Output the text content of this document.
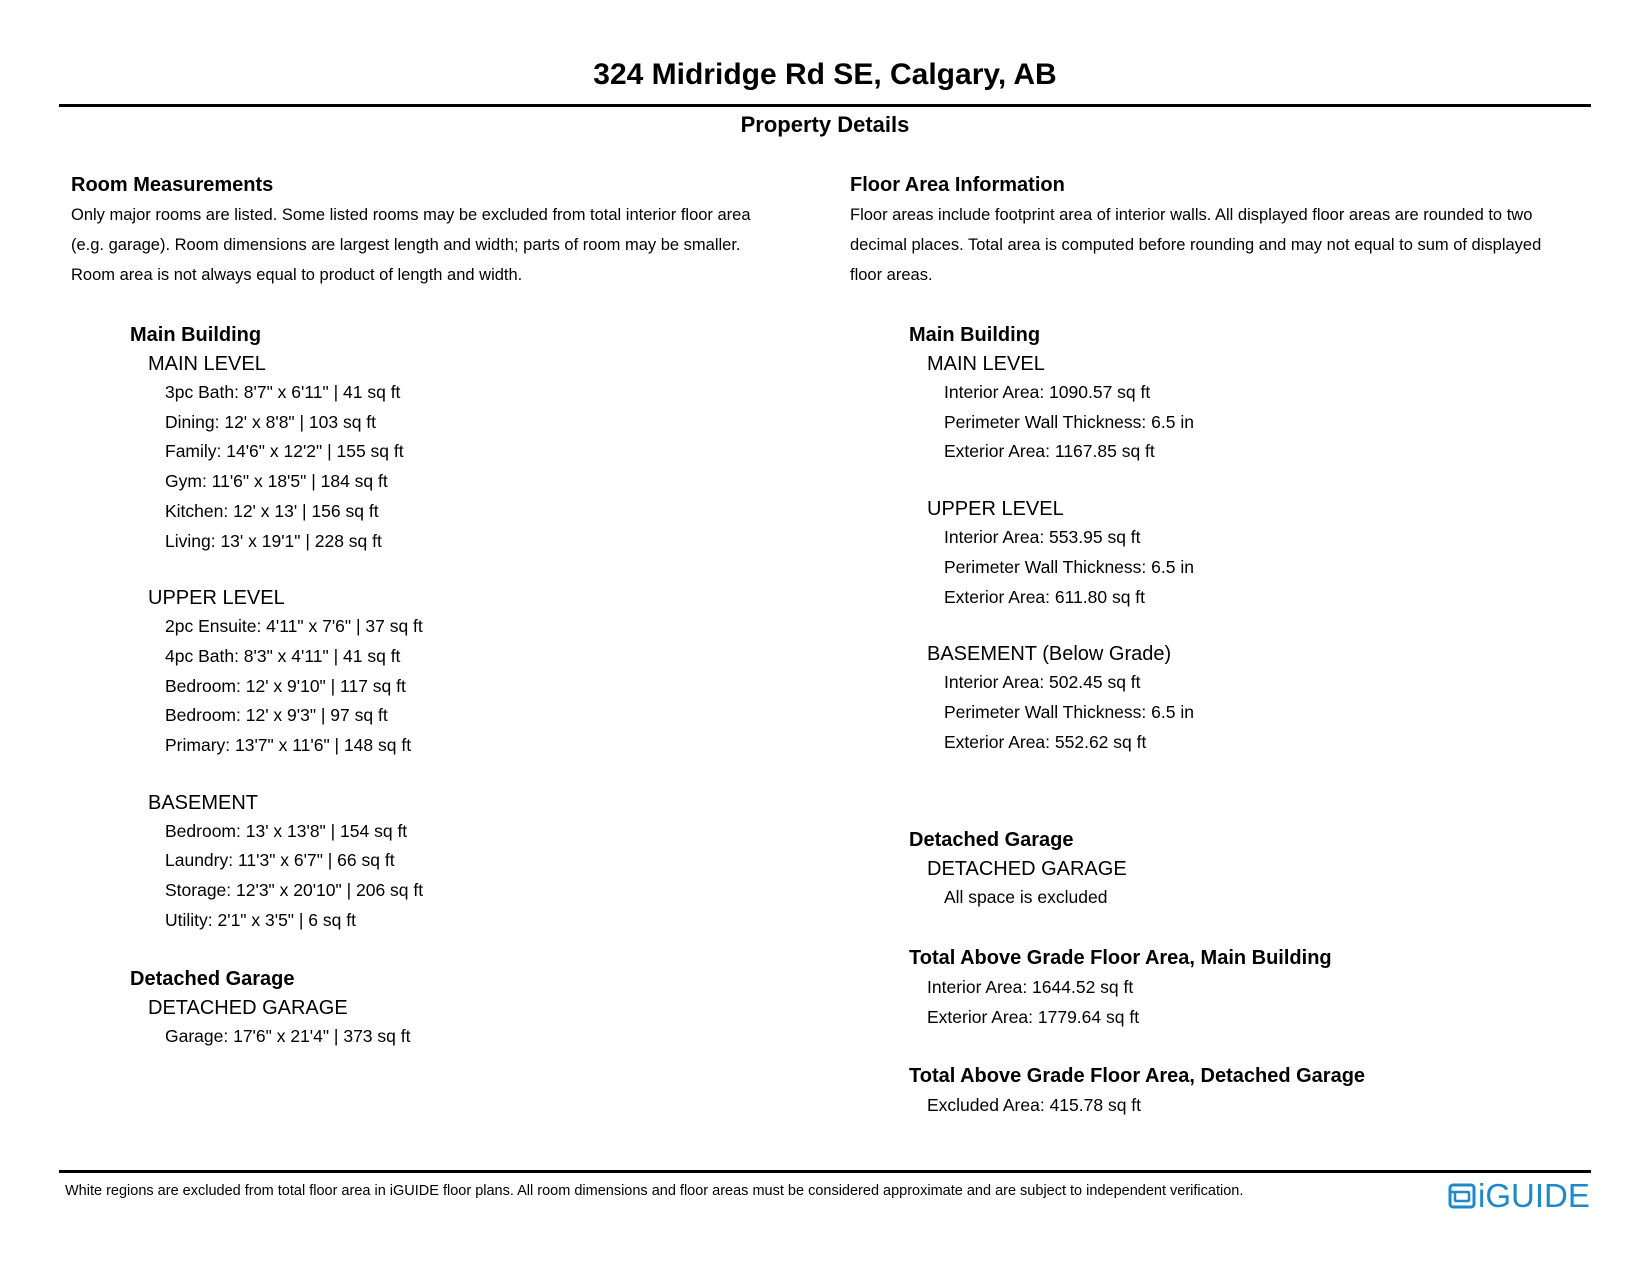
324 Midridge Rd SE, Calgary, AB
Property Details
Room Measurements

Only major rooms are listed. Some listed rooms may be excluded from total interior floor area
(e.g. garage). Room dimensions are largest length and width; parts of room may be smaller.
Room area is not always equal to product of length and width.

Main Building
MAIN LEVEL
3pc Bath: 8'7" x 6'11" | 41 sq ft
Dining: 12' x 8'8" | 103 sq ft
Family: 14'6" x 12'2" | 155 sq ft
Gym: 11'6" x 18'5" | 184 sq ft
Kitchen: 12' x 13' | 156 sq ft
Living: 13' x 19'1" | 228 sq ft
UPPER LEVEL
2pc Ensuite: 4'11" x 7'6" | 37 sq ft
4pc Bath: 8'3" x 4'11" | 41 sq ft
Bedroom: 12' x 9'10" | 117 sq ft
Bedroom: 12' x 9'3" | 97 sq ft
Primary: 13'7" x 11'6" | 148 sq ft
BASEMENT
Bedroom: 13' x 13'8" | 154 sq ft
Laundry: 11'3" x 6'7" | 66 sq ft
Storage: 12'3" x 20'10" | 206 sq ft
Utility: 2'1" x 3'5" | 6 sq ft
Detached Garage
DETACHED GARAGE
Garage: 17'6" x 21'4" | 373 sq ft
Floor Area Information

Floor areas include footprint area of interior walls. All displayed floor areas are rounded to two
decimal places. Total area is computed before rounding and may not equal to sum of displayed
floor areas.

Main Building
MAIN LEVEL
Interior Area: 1090.57 sq ft
Perimeter Wall Thickness: 6.5 in
Exterior Area: 1167.85 sq ft
UPPER LEVEL
Interior Area: 553.95 sq ft
Perimeter Wall Thickness: 6.5 in
Exterior Area: 611.80 sq ft
BASEMENT (Below Grade)
Interior Area: 502.45 sq ft
Perimeter Wall Thickness: 6.5 in
Exterior Area: 552.62 sq ft
Detached Garage
DETACHED GARAGE
All space is excluded
Total Above Grade Floor Area, Main Building
Interior Area: 1644.52 sq ft
Exterior Area: 1779.64 sq ft
Total Above Grade Floor Area, Detached Garage
Excluded Area: 415.78 sq ft
White regions are excluded from total floor area in iGUIDE floor plans. All room dimensions and floor areas must be considered approximate and are subject to independent verification.	iGUIDE
